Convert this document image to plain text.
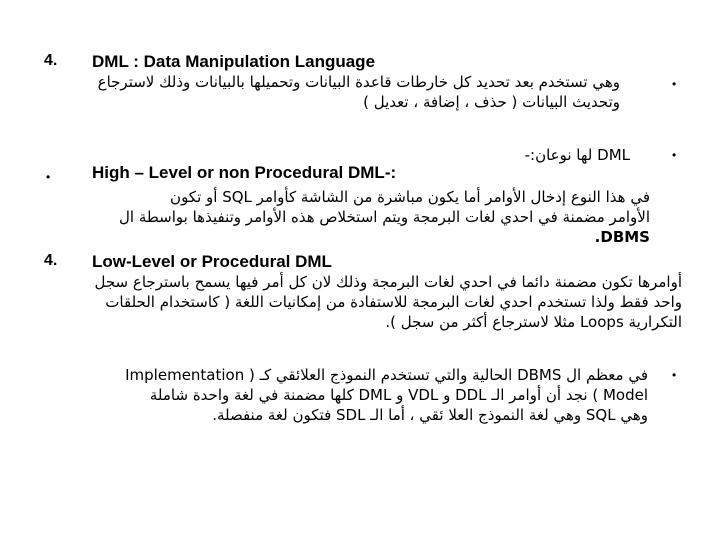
4. DML : Data Manipulation Language
•
وهي تستخدم بعد تحديد كل خارطات قاعدة البيانات وتحميلها بالبيانات وذلك لاسترجاع
وتحديث البيانات ( حذف ، إضافة ، تعديل )
•
DML لها نوعان:-
• High – Level or non Procedural DML-:
في هذا النوع إدخال الأوامر أما يكون مباشرة من الشاشة كأوامر SQL أو تكون
الأوامر مضمنة في احدي لغات البرمجة ويتم استخلاص هذه الأوامر وتنفيذها بواسطة ال
DBMS.
4. Low-Level or Procedural DML
أوامرها تكون مضمنة دائما في احدي لغات البرمجة وذلك لان كل أمر فيها يسمح باسترجاع سجل
واحد فقط ولذا تستخدم احدي لغات البرمجة للاستفادة من إمكانيات اللغة ( كاستخدام الحلقات
التكرارية Loops مثلا لاسترجاع أكثر من سجل ).
•
في معظم ال DBMS الحالية والتي تستخدم النموذج العلائقي كـ ( Implementation
Model ) نجد أن أوامر الـ DDL و VDL و DML كلها مضمنة في لغة واحدة شاملة
وهي SQL وهي لغة النموذج العلا ئقي ، أما الـ SDL فتكون لغة منفصلة.
